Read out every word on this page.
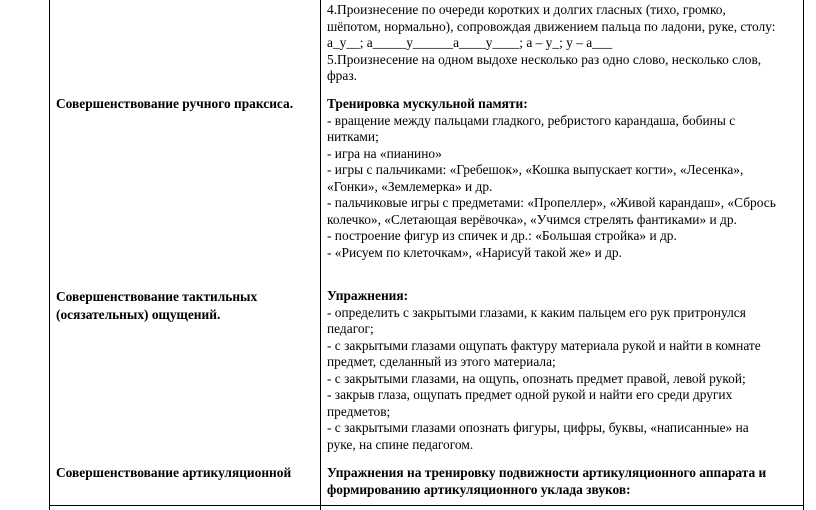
Совершенствование ручного праксиса.
Совершенствование тактильных
(осязательных) ощущений.
Совершенствование артикуляционной
4.Произнесение по очереди коротких и долгих гласных (тихо, громко,
шёпотом, нормально), сопровождая движением пальца по ладони, руке, столу:
а_у__; а_____у______а____у____; а – у_; у – а___
5.Произнесение на одном выдохе несколько раз одно слово, несколько слов,
фраз.
Тренировка мускульной памяти:
- вращение между пальцами гладкого, ребристого карандаша, бобины с
нитками;
- игра на «пианино»
- игры с пальчиками: «Гребешок», «Кошка выпускает когти», «Лесенка»,
«Гонки», «Землемерка» и др.
- пальчиковые игры с предметами: «Пропеллер», «Живой карандаш», «Сбрось
колечко», «Слетающая верёвочка», «Учимся стрелять фантиками» и др.
- построение фигур из спичек и др.: «Большая стройка» и др.
- «Рисуем по клеточкам», «Нарисуй такой же» и др.
Упражнения:
- определить с закрытыми глазами, к каким пальцем его рук притронулся
педагог;
- с закрытыми глазами ощупать фактуру материала рукой и найти в комнате
предмет, сделанный из этого материала;
- с закрытыми глазами, на ощупь, опознать предмет правой, левой рукой;
- закрыв глаза, ощупать предмет одной рукой и найти его среди других
предметов;
- с закрытыми глазами опознать фигуры, цифры, буквы, «написанные» на
руке, на спине педагогом.
Упражнения на тренировку подвижности артикуляционного аппарата и
формированию артикуляционного уклада звуков:
